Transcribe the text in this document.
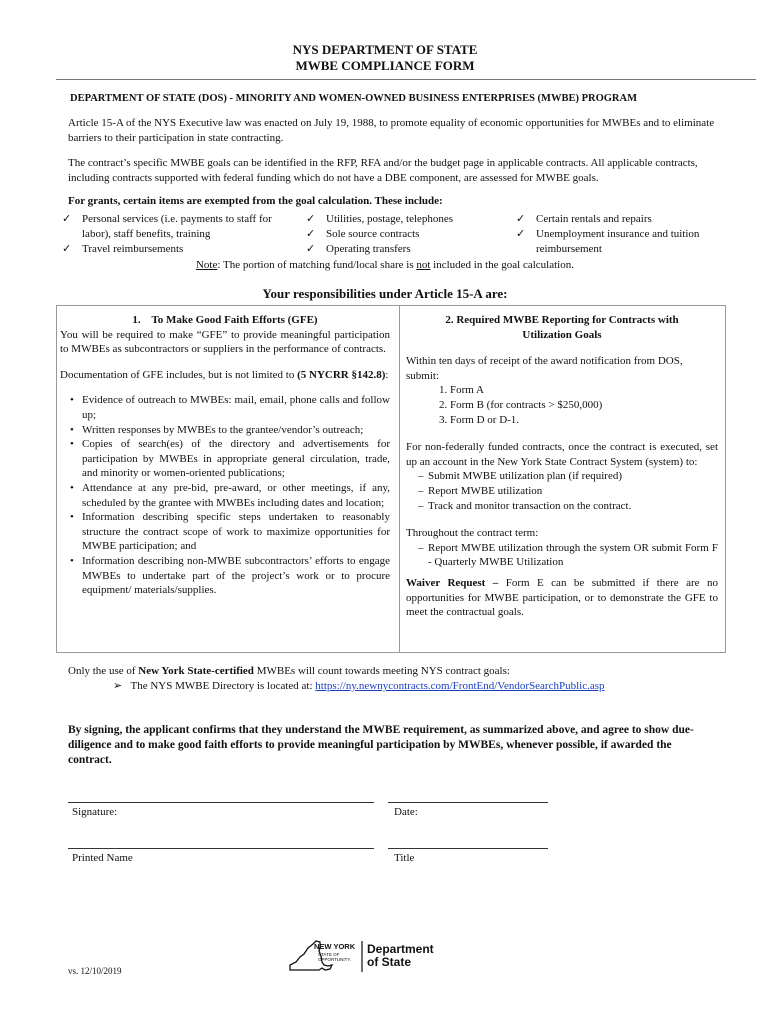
NYS DEPARTMENT OF STATE
MWBE COMPLIANCE FORM
DEPARTMENT OF STATE (DOS) - MINORITY AND WOMEN-OWNED BUSINESS ENTERPRISES (MWBE) PROGRAM
Article 15-A of the NYS Executive law was enacted on July 19, 1988, to promote equality of economic opportunities for MWBEs and to eliminate barriers to their participation in state contracting.
The contract’s specific MWBE goals can be identified in the RFP, RFA and/or the budget page in applicable contracts. All applicable contracts, including contracts supported with federal funding which do not have a DBE component, are assessed for MWBE goals.
For grants, certain items are exempted from the goal calculation. These include:
✓ Personal services (i.e. payments to staff for labor), staff benefits, training
✓ Travel reimbursements
✓ Utilities, postage, telephones
✓ Sole source contracts
✓ Operating transfers
✓ Certain rentals and repairs
✓ Unemployment insurance and tuition reimbursement
Note: The portion of matching fund/local share is not included in the goal calculation.
Your responsibilities under Article 15-A are:
1.    To Make Good Faith Efforts (GFE)
You will be required to make “GFE” to provide meaningful participation to MWBEs as subcontractors or suppliers in the performance of contracts.
Documentation of GFE includes, but is not limited to (5 NYCRR §142.8):
• Evidence of outreach to MWBEs: mail, email, phone calls and follow up;
• Written responses by MWBEs to the grantee/vendor’s outreach;
• Copies of search(es) of the directory and advertisements for participation by MWBEs in appropriate general circulation, trade, and minority or women-oriented publications;
• Attendance at any pre-bid, pre-award, or other meetings, if any, scheduled by the grantee with MWBEs including dates and location;
• Information describing specific steps undertaken to reasonably structure the contract scope of work to maximize opportunities for MWBE participation; and
• Information describing non-MWBE subcontractors’ efforts to engage MWBEs to undertake part of the project’s work or to procure equipment/ materials/supplies.
2. Required MWBE Reporting for Contracts with Utilization Goals
Within ten days of receipt of the award notification from DOS, submit:
1. Form A
2. Form B (for contracts > $250,000)
3. Form D or D-1.
For non-federally funded contracts, once the contract is executed, set up an account in the New York State Contract System (system) to:
– Submit MWBE utilization plan (if required)
– Report MWBE utilization
– Track and monitor transaction on the contract.
Throughout the contract term:
– Report MWBE utilization through the system OR submit Form F - Quarterly MWBE Utilization
Waiver Request – Form E can be submitted if there are no opportunities for MWBE participation, or to demonstrate the GFE to meet the contractual goals.
Only the use of New York State-certified MWBEs will count towards meeting NYS contract goals:
➢ The NYS MWBE Directory is located at: https://ny.newnycontracts.com/FrontEnd/VendorSearchPublic.asp
By signing, the applicant confirms that they understand the MWBE requirement, as summarized above, and agree to show due-diligence and to make good faith efforts to provide meaningful participation by MWBEs, whenever possible, if awarded the contract.
Signature:	Date:
Printed Name	Title
NEW YORK
STATE OF
OPPORTUNITY.
Department
of State
vs. 12/10/2019
